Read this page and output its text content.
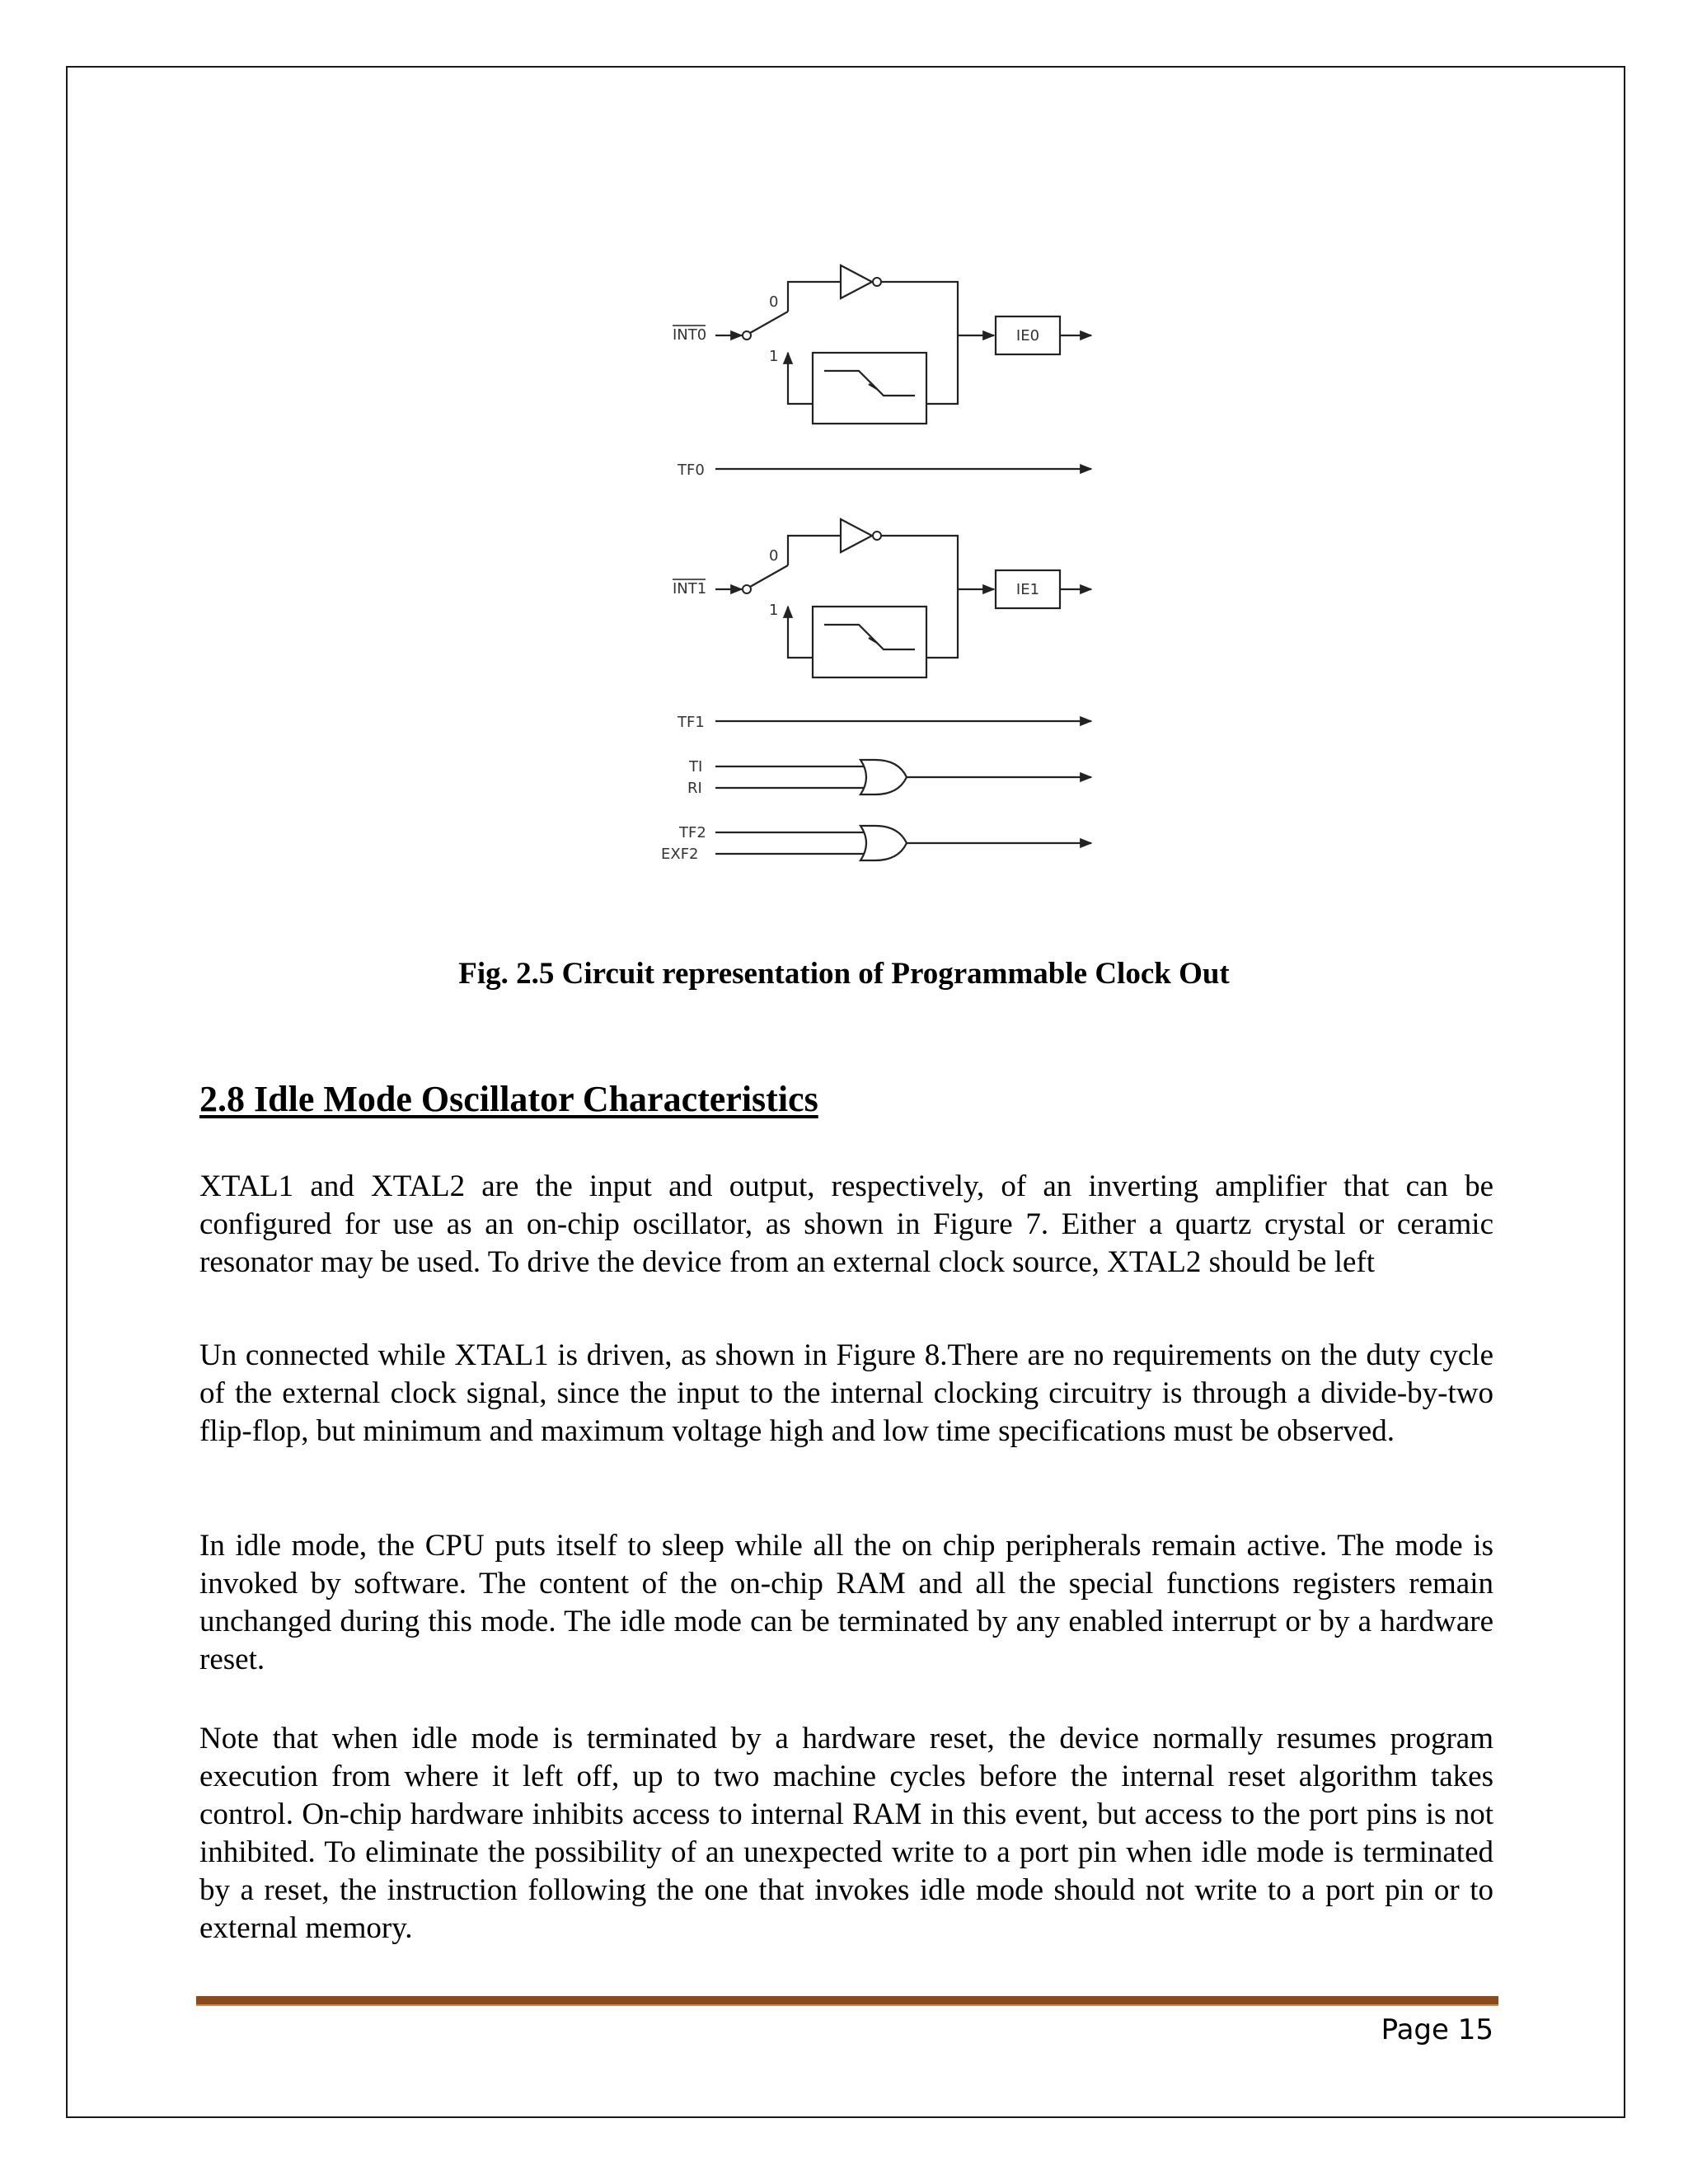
INT0
0
1
IE0
TF0
INT1
0
1
IE1
TF1
TI
RI
TF2
EXF2
Fig. 2.5 Circuit representation of Programmable Clock Out
2.8 Idle Mode Oscillator Characteristics

XTAL1 and XTAL2 are the input and output, respectively, of an inverting amplifier that can be configured for use as an on-chip oscillator, as shown in Figure 7. Either a quartz crystal or ceramic resonator may be used. To drive the device from an external clock source, XTAL2 should be left

Un connected while XTAL1 is driven, as shown in Figure 8.There are no requirements on the duty cycle of the external clock signal, since the input to the internal clocking circuitry is through a divide-by-two flip-flop, but minimum and maximum voltage high and low time specifications must be observed.

In idle mode, the CPU puts itself to sleep while all the on chip peripherals remain active. The mode is invoked by software. The content of the on-chip RAM and all the special functions registers remain unchanged during this mode. The idle mode can be terminated by any enabled interrupt or by a hardware reset.

Note that when idle mode is terminated by a hardware reset, the device normally resumes program execution from where it left off, up to two machine cycles before the internal reset algorithm takes control. On-chip hardware inhibits access to internal RAM in this event, but access to the port pins is not inhibited. To eliminate the possibility of an unexpected write to a port pin when idle mode is terminated by a reset, the instruction following the one that invokes idle mode should not write to a port pin or to external memory.

Page 15
